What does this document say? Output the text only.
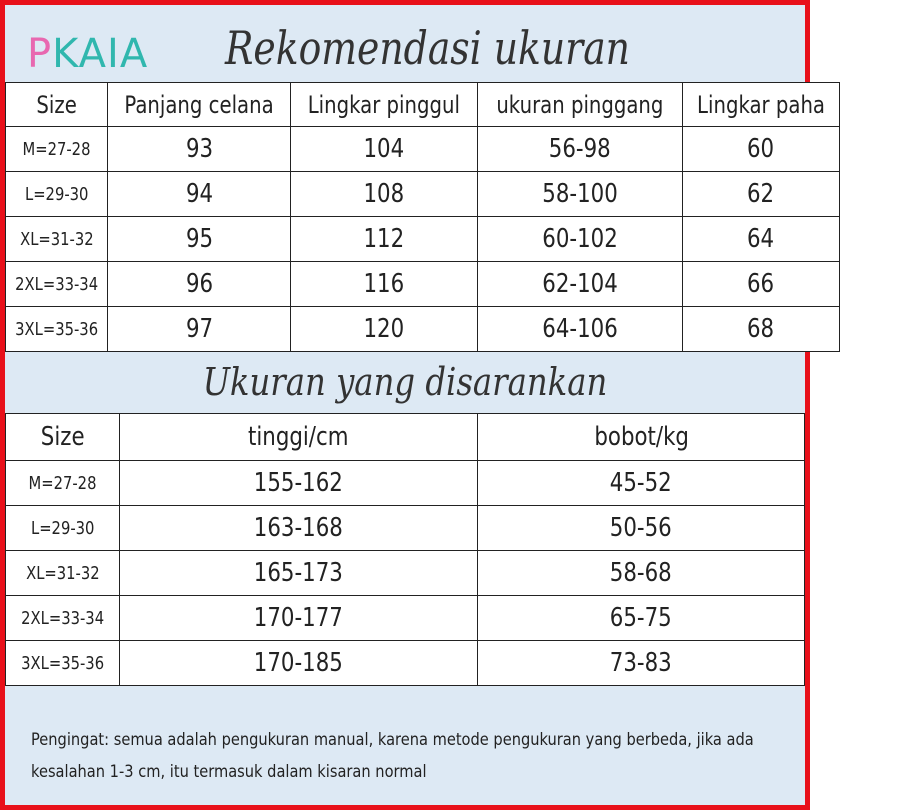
PKAIA Rekomendasi ukuran
Size	Panjang celana	Lingkar pinggul	ukuran pinggang	Lingkar paha
M=27-28	93	104	56-98	60
L=29-30	94	108	58-100	62
XL=31-32	95	112	60-102	64
2XL=33-34	96	116	62-104	66
3XL=35-36	97	120	64-106	68
Ukuran yang disarankan
Size	tinggi/cm	bobot/kg
M=27-28	155-162	45-52
L=29-30	163-168	50-56
XL=31-32	165-173	58-68
2XL=33-34	170-177	65-75
3XL=35-36	170-185	73-83
Pengingat: semua adalah pengukuran manual, karena metode pengukuran yang berbeda, jika ada kesalahan 1-3 cm, itu termasuk dalam kisaran normal
